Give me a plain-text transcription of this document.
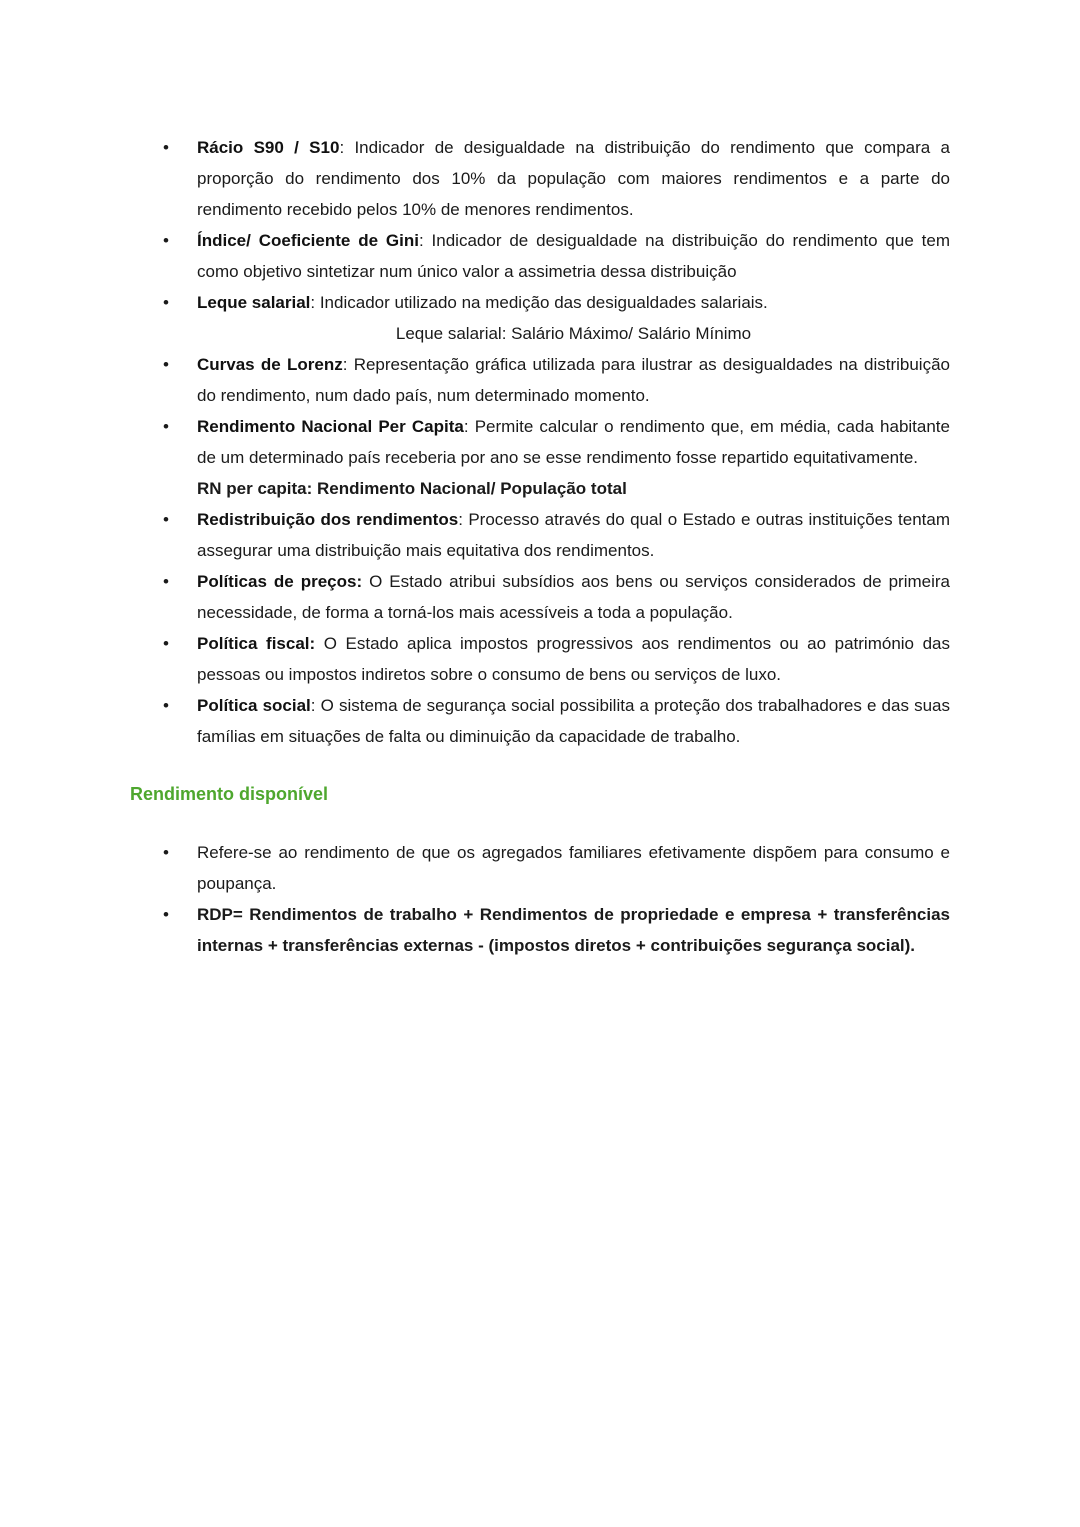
•	Rácio S90 / S10: Indicador de desigualdade na distribuição do rendimento que compara a proporção do rendimento dos 10% da população com maiores rendimentos e a parte do rendimento recebido pelos 10% de menores rendimentos.

•	Índice/ Coeficiente de Gini: Indicador de desigualdade na distribuição do rendimento que tem como objetivo sintetizar num único valor a assimetria dessa distribuição

•	Leque salarial: Indicador utilizado na medição das desigualdades salariais.

Leque salarial: Salário Máximo/ Salário Mínimo

•	Curvas de Lorenz: Representação gráfica utilizada para ilustrar as desigualdades na distribuição do rendimento, num dado país, num determinado momento.

•	Rendimento Nacional Per Capita: Permite calcular o rendimento que, em média, cada habitante de um determinado país receberia por ano se esse rendimento fosse repartido equitativamente.

RN per capita: Rendimento Nacional/ População total

•	Redistribuição dos rendimentos: Processo através do qual o Estado e outras instituições tentam assegurar uma distribuição mais equitativa dos rendimentos.

•	Políticas de preços: O Estado atribui subsídios aos bens ou serviços considerados de primeira necessidade, de forma a torná-los mais acessíveis a toda a população.

•	Política fiscal: O Estado aplica impostos progressivos aos rendimentos ou ao património das pessoas ou impostos indiretos sobre o consumo de bens ou serviços de luxo.

•	Política social: O sistema de segurança social possibilita a proteção dos trabalhadores e das suas famílias em situações de falta ou diminuição da capacidade de trabalho.

Rendimento disponível
•	Refere-se ao rendimento de que os agregados familiares efetivamente dispõem para consumo e poupança.

•	RDP= Rendimentos de trabalho + Rendimentos de propriedade e empresa + transferências internas + transferências externas - (impostos diretos + contribuições segurança social).
